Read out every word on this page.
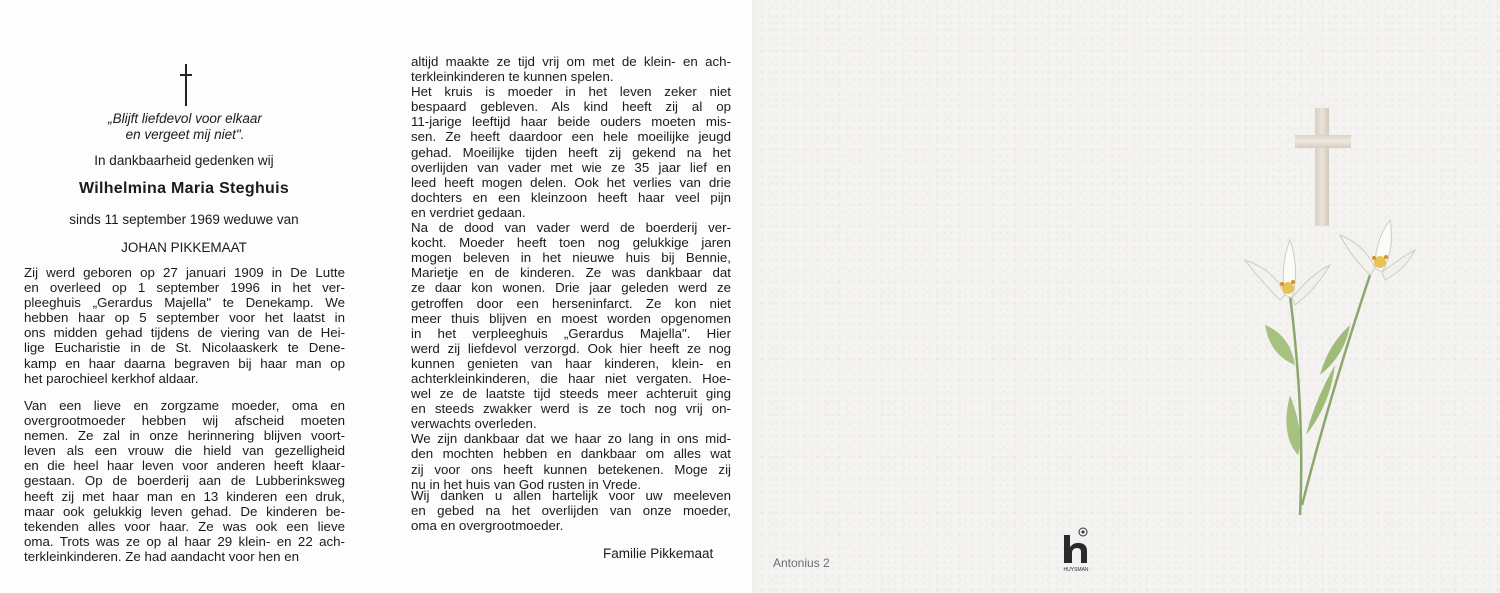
„Blijft liefdevol voor elkaar
en vergeet mij niet".
In dankbaarheid gedenken wij
Wilhelmina Maria Steghuis
sinds 11 september 1969 weduwe van
JOHAN PIKKEMAAT
Zij werd geboren op 27 januari 1909 in De Lutte
en overleed op 1 september 1996 in het ver-
pleeghuis „Gerardus Majella" te Denekamp. We
hebben haar op 5 september voor het laatst in
ons midden gehad tijdens de viering van de Hei-
lige Eucharistie in de St. Nicolaaskerk te Dene-
kamp en haar daarna begraven bij haar man op
het parochieel kerkhof aldaar.
Van een lieve en zorgzame moeder, oma en
overgrootmoeder hebben wij afscheid moeten
nemen. Ze zal in onze herinnering blijven voort-
leven als een vrouw die hield van gezelligheid
en die heel haar leven voor anderen heeft klaar-
gestaan. Op de boerderij aan de Lubberinksweg
heeft zij met haar man en 13 kinderen een druk,
maar ook gelukkig leven gehad. De kinderen be-
tekenden alles voor haar. Ze was ook een lieve
oma. Trots was ze op al haar 29 klein- en 22 ach-
terkleinkinderen. Ze had aandacht voor hen en
altijd maakte ze tijd vrij om met de klein- en ach-
terkleinkinderen te kunnen spelen.
Het kruis is moeder in het leven zeker niet
bespaard gebleven. Als kind heeft zij al op
11-jarige leeftijd haar beide ouders moeten mis-
sen. Ze heeft daardoor een hele moeilijke jeugd
gehad. Moeilijke tijden heeft zij gekend na het
overlijden van vader met wie ze 35 jaar lief en
leed heeft mogen delen. Ook het verlies van drie
dochters en een kleinzoon heeft haar veel pijn
en verdriet gedaan.
Na de dood van vader werd de boerderij ver-
kocht. Moeder heeft toen nog gelukkige jaren
mogen beleven in het nieuwe huis bij Bennie,
Marietje en de kinderen. Ze was dankbaar dat
ze daar kon wonen. Drie jaar geleden werd ze
getroffen door een herseninfarct. Ze kon niet
meer thuis blijven en moest worden opgenomen
in het verpleeghuis „Gerardus Majella". Hier
werd zij liefdevol verzorgd. Ook hier heeft ze nog
kunnen genieten van haar kinderen, klein- en
achterkleinkinderen, die haar niet vergaten. Hoe-
wel ze de laatste tijd steeds meer achteruit ging
en steeds zwakker werd is ze toch nog vrij on-
verwachts overleden.
We zijn dankbaar dat we haar zo lang in ons mid-
den mochten hebben en dankbaar om alles wat
zij voor ons heeft kunnen betekenen. Moge zij
nu in het huis van God rusten in Vrede.
Wij danken u allen hartelijk voor uw meeleven
en gebed na het overlijden van onze moeder,
oma en overgrootmoeder.
Familie Pikkemaat
Antonius 2	HUYSMAN
